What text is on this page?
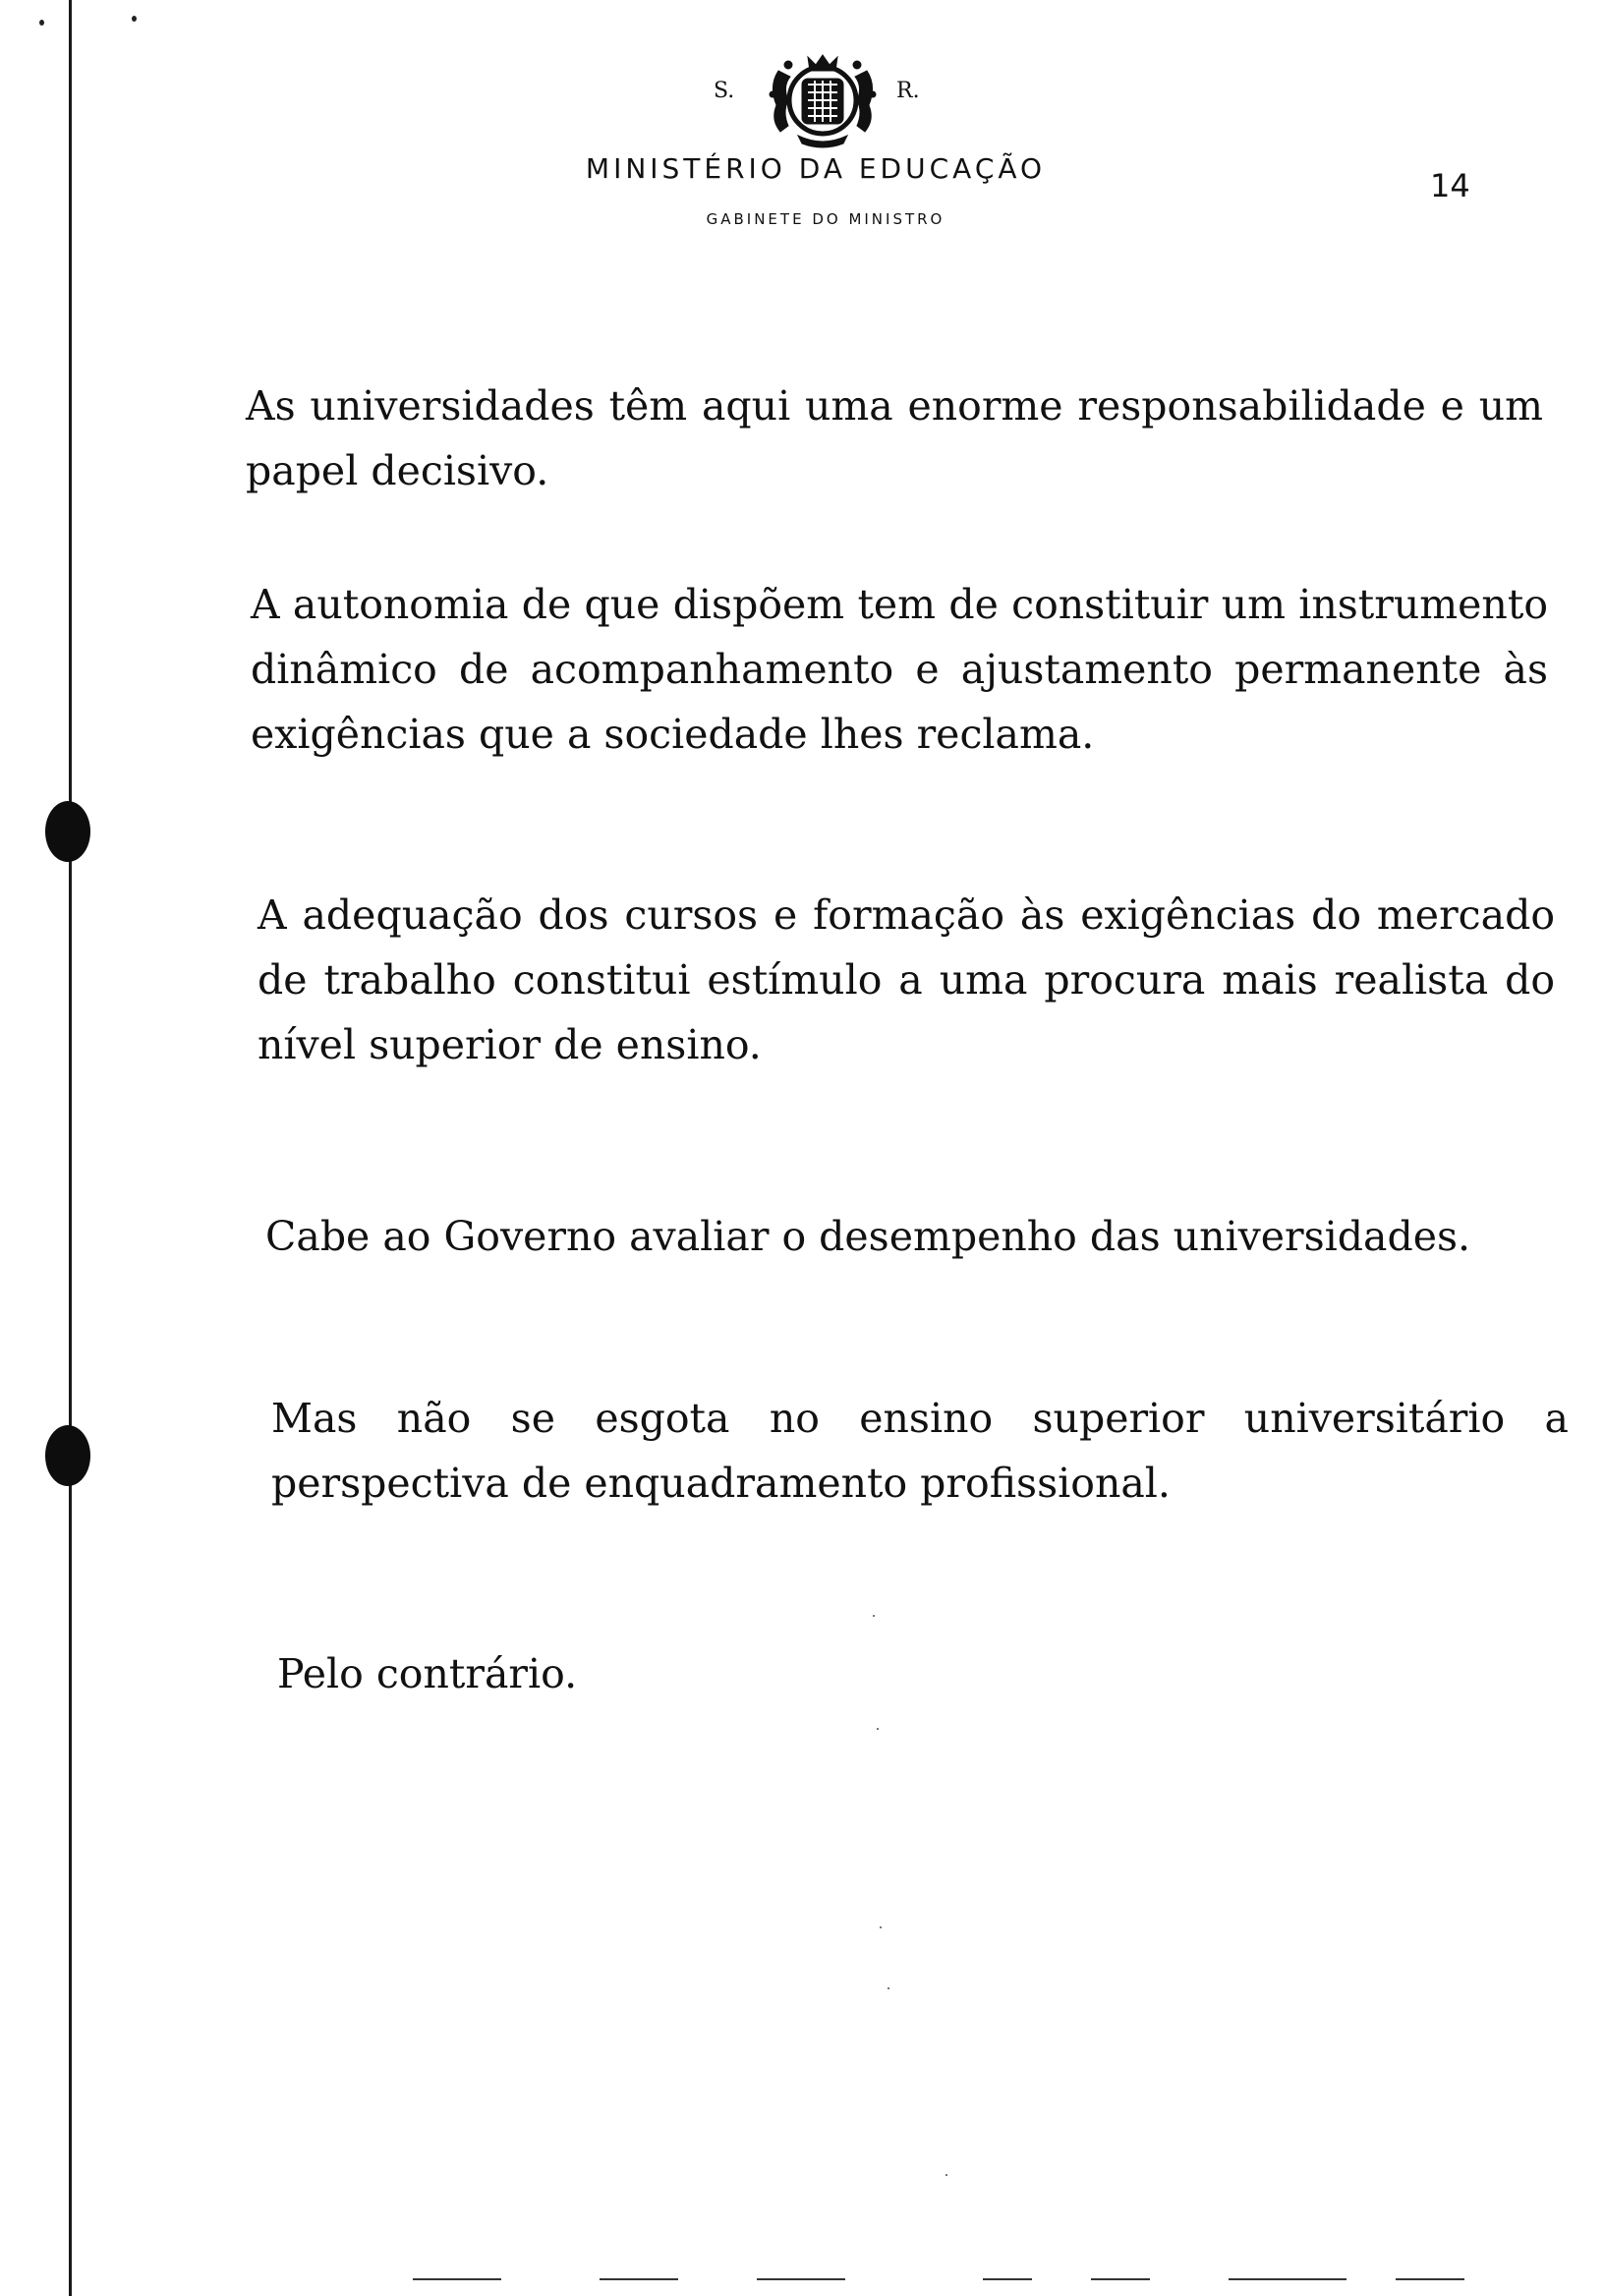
S.	R.
MINISTÉRIO DA EDUCAÇÃO
GABINETE DO MINISTRO
14

As universidades têm aqui uma enorme responsabilidade e um papel decisivo.

A autonomia de que dispõem tem de constituir um instrumento dinâmico de acompanhamento e ajustamento permanente às exigências que a sociedade lhes reclama.

A adequação dos cursos e formação às exigências do mercado de trabalho constitui estímulo a uma procura mais realista do nível superior de ensino.

Cabe ao Governo avaliar o desempenho das universidades.

Mas não se esgota no ensino superior universitário a perspectiva de enquadramento profissional.

Pelo contrário.
